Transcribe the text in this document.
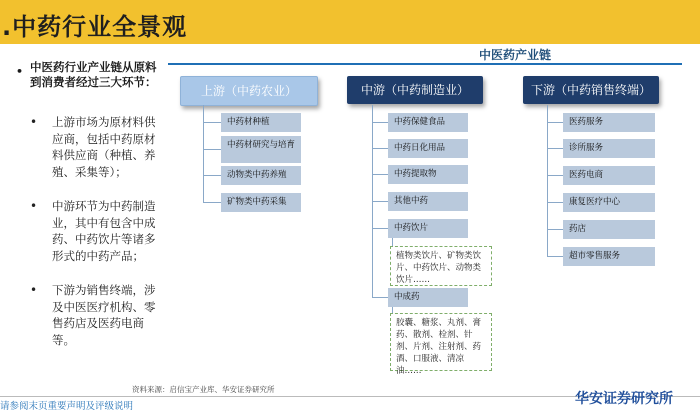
.中药行业全景观
中医药产业链
• 中医药行业产业链从原料到消费者经过三大环节：
• 上游市场为原材料供应商，包括中药原材料供应商（种植、养殖、采集等）；
• 中游环节为中药制造业，其中有包含中成药、中药饮片等诸多形式的中药产品；
• 下游为销售终端，涉及中医医疗机构、零售药店及医药电商等。
上游（中药农业）
中药材种植
中药材研究与培育
动物类中药养殖
矿物类中药采集
中游（中药制造业）
中药保健食品
中药日化用品
中药提取物
其他中药
中药饮片
植物类饮片、矿物类饮片、中药饮片、动物类饮片……
中成药
胶囊、糖浆、丸剂、膏药、散剂、栓剂、针剂、片剂、注射剂、药酒、口服液、清凉油……
下游（中药销售终端）
医药服务
诊所服务
医药电商
康复医疗中心
药店
超市零售服务
资料来源：启信宝产业库、华安证券研究所
请参阅末页重要声明及评级说明	华安证券研究所
